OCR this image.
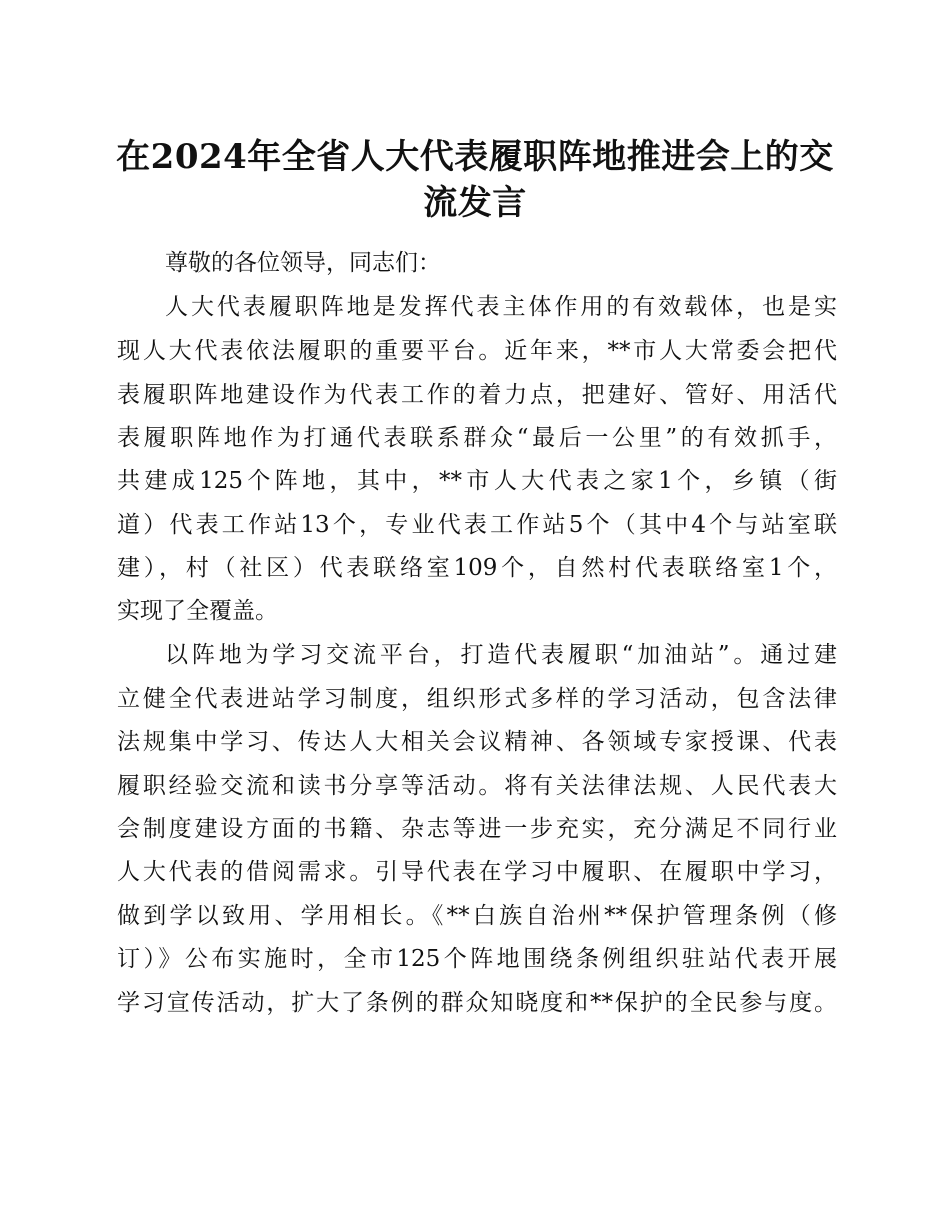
在2024年全省人大代表履职阵地推进会上的交
流发言

尊敬的各位领导，同志们：

人大代表履职阵地是发挥代表主体作用的有效载体，也是实

现人大代表依法履职的重要平台。近年来，**市人大常委会把代

表履职阵地建设作为代表工作的着力点，把建好、管好、用活代

表履职阵地作为打通代表联系群众“最后一公里”的有效抓手，

共建成125个阵地，其中，**市人大代表之家1个，乡镇（街

道）代表工作站13个，专业代表工作站5个（其中4个与站室联

建），村（社区）代表联络室109个，自然村代表联络室1个，

实现了全覆盖。

以阵地为学习交流平台，打造代表履职“加油站”。通过建

立健全代表进站学习制度，组织形式多样的学习活动，包含法律

法规集中学习、传达人大相关会议精神、各领域专家授课、代表

履职经验交流和读书分享等活动。将有关法律法规、人民代表大

会制度建设方面的书籍、杂志等进一步充实，充分满足不同行业

人大代表的借阅需求。引导代表在学习中履职、在履职中学习，

做到学以致用、学用相长。《**白族自治州**保护管理条例（修

订）》公布实施时，全市125个阵地围绕条例组织驻站代表开展

学习宣传活动，扩大了条例的群众知晓度和**保护的全民参与度。
